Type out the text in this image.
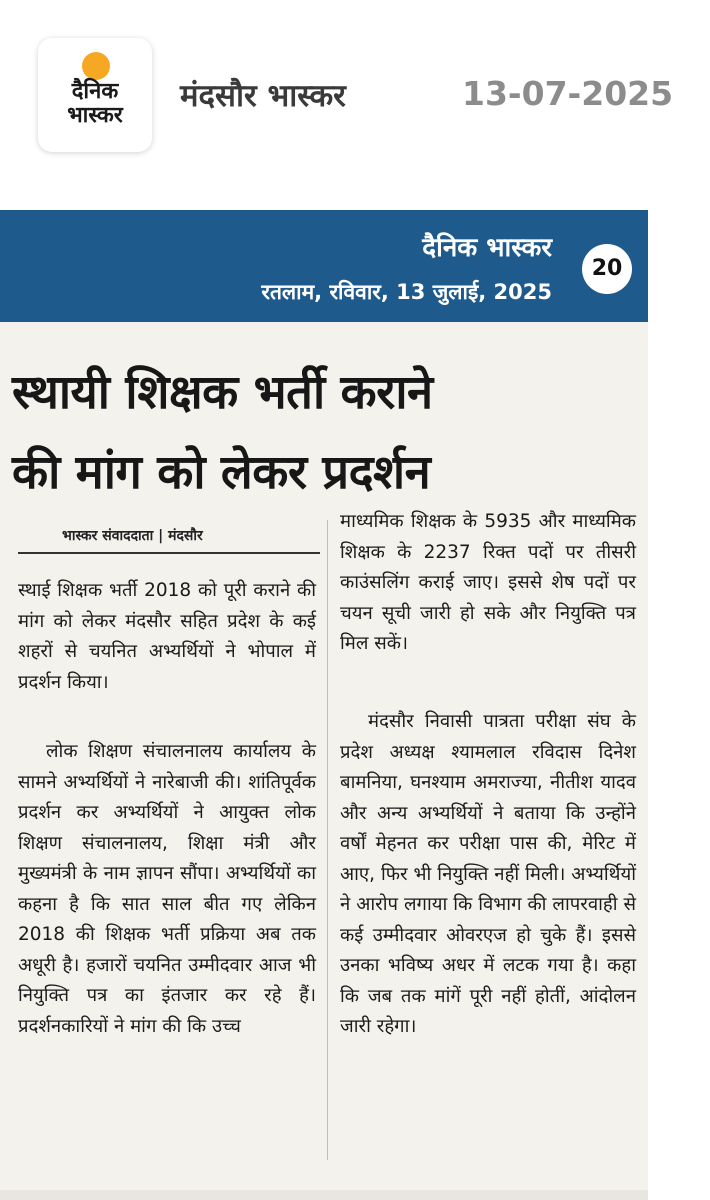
दैनिक
भास्कर
मंदसौर भास्कर	13-07-2025
दैनिक भास्कर
रतलाम, रविवार, 13 जुलाई, 2025
20
स्थायी शिक्षक भर्ती कराने
की मांग को लेकर प्रदर्शन
भास्कर संवाददाता | मंदसौर

स्थाई शिक्षक भर्ती 2018 को पूरी कराने की मांग को लेकर मंदसौर सहित प्रदेश के कई शहरों से चयनित अभ्यर्थियों ने भोपाल में प्रदर्शन किया।

लोक शिक्षण संचालनालय कार्यालय के सामने अभ्यर्थियों ने नारेबाजी की। शांतिपूर्वक प्रदर्शन कर अभ्यर्थियों ने आयुक्त लोक शिक्षण संचालनालय, शिक्षा मंत्री और मुख्यमंत्री के नाम ज्ञापन सौंपा। अभ्यर्थियों का कहना है कि सात साल बीत गए लेकिन 2018 की शिक्षक भर्ती प्रक्रिया अब तक अधूरी है। हजारों चयनित उम्मीदवार आज भी नियुक्ति पत्र का इंतजार कर रहे हैं। प्रदर्शनकारियों ने मांग की कि उच्च

माध्यमिक शिक्षक के 5935 और माध्यमिक शिक्षक के 2237 रिक्त पदों पर तीसरी काउंसलिंग कराई जाए। इससे शेष पदों पर चयन सूची जारी हो सके और नियुक्ति पत्र मिल सकें।

मंदसौर निवासी पात्रता परीक्षा संघ के प्रदेश अध्यक्ष श्यामलाल रविदास दिनेश बामनिया, घनश्याम अमराज्या, नीतीश यादव और अन्य अभ्यर्थियों ने बताया कि उन्होंने वर्षों मेहनत कर परीक्षा पास की, मेरिट में आए, फिर भी नियुक्ति नहीं मिली। अभ्यर्थियों ने आरोप लगाया कि विभाग की लापरवाही से कई उम्मीदवार ओवरएज हो चुके हैं। इससे उनका भविष्य अधर में लटक गया है। कहा कि जब तक मांगें पूरी नहीं होतीं, आंदोलन जारी रहेगा।
